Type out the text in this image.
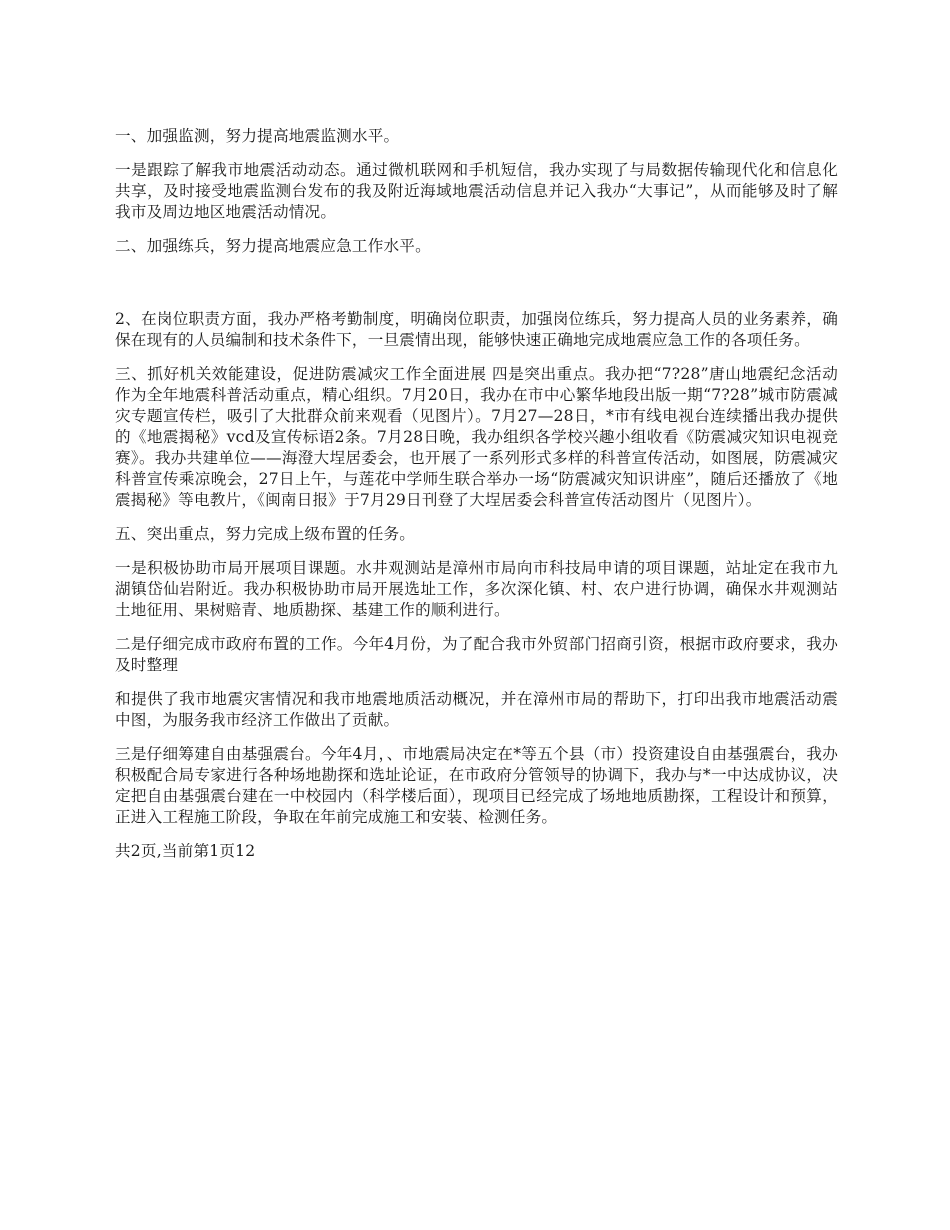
一、加强监测，努力提高地震监测水平。

一是跟踪了解我市地震活动动态。通过微机联网和手机短信，我办实现了与局数据传输现代化和信息化共享，及时接受地震监测台发布的我及附近海域地震活动信息并记入我办“大事记”，从而能够及时了解我市及周边地区地震活动情况。

二、加强练兵，努力提高地震应急工作水平。

2、在岗位职责方面，我办严格考勤制度，明确岗位职责，加强岗位练兵，努力提高人员的业务素养，确保在现有的人员编制和技术条件下，一旦震情出现，能够快速正确地完成地震应急工作的各项任务。

三、抓好机关效能建设，促进防震减灾工作全面进展 四是突出重点。我办把“7?28”唐山地震纪念活动作为全年地震科普活动重点，精心组织。7月20日，我办在市中心繁华地段出版一期“7?28”城市防震减灾专题宣传栏，吸引了大批群众前来观看（见图片）。7月27—28日，*市有线电视台连续播出我办提供的《地震揭秘》vcd及宣传标语2条。7月28日晚，我办组织各学校兴趣小组收看《防震减灾知识电视竞赛》。我办共建单位——海澄大埕居委会，也开展了一系列形式多样的科普宣传活动，如图展，防震减灾科普宣传乘凉晚会，27日上午，与莲花中学师生联合举办一场“防震减灾知识讲座”，随后还播放了《地震揭秘》等电教片，《闽南日报》于7月29日刊登了大埕居委会科普宣传活动图片（见图片）。

五、突出重点，努力完成上级布置的任务。

一是积极协助市局开展项目课题。水井观测站是漳州市局向市科技局申请的项目课题，站址定在我市九湖镇岱仙岩附近。我办积极协助市局开展选址工作，多次深化镇、村、农户进行协调，确保水井观测站土地征用、果树赔青、地质勘探、基建工作的顺利进行。

二是仔细完成市政府布置的工作。今年4月份，为了配合我市外贸部门招商引资，根据市政府要求，我办及时整理

和提供了我市地震灾害情况和我市地震地质活动概况，并在漳州市局的帮助下，打印出我市地震活动震中图，为服务我市经济工作做出了贡献。

三是仔细筹建自由基强震台。今年4月，、市地震局决定在*等五个县（市）投资建设自由基强震台，我办积极配合局专家进行各种场地勘探和选址论证，在市政府分管领导的协调下，我办与*一中达成协议，决定把自由基强震台建在一中校园内（科学楼后面），现项目已经完成了场地地质勘探，工程设计和预算，正进入工程施工阶段，争取在年前完成施工和安装、检测任务。

共2页,当前第1页12
